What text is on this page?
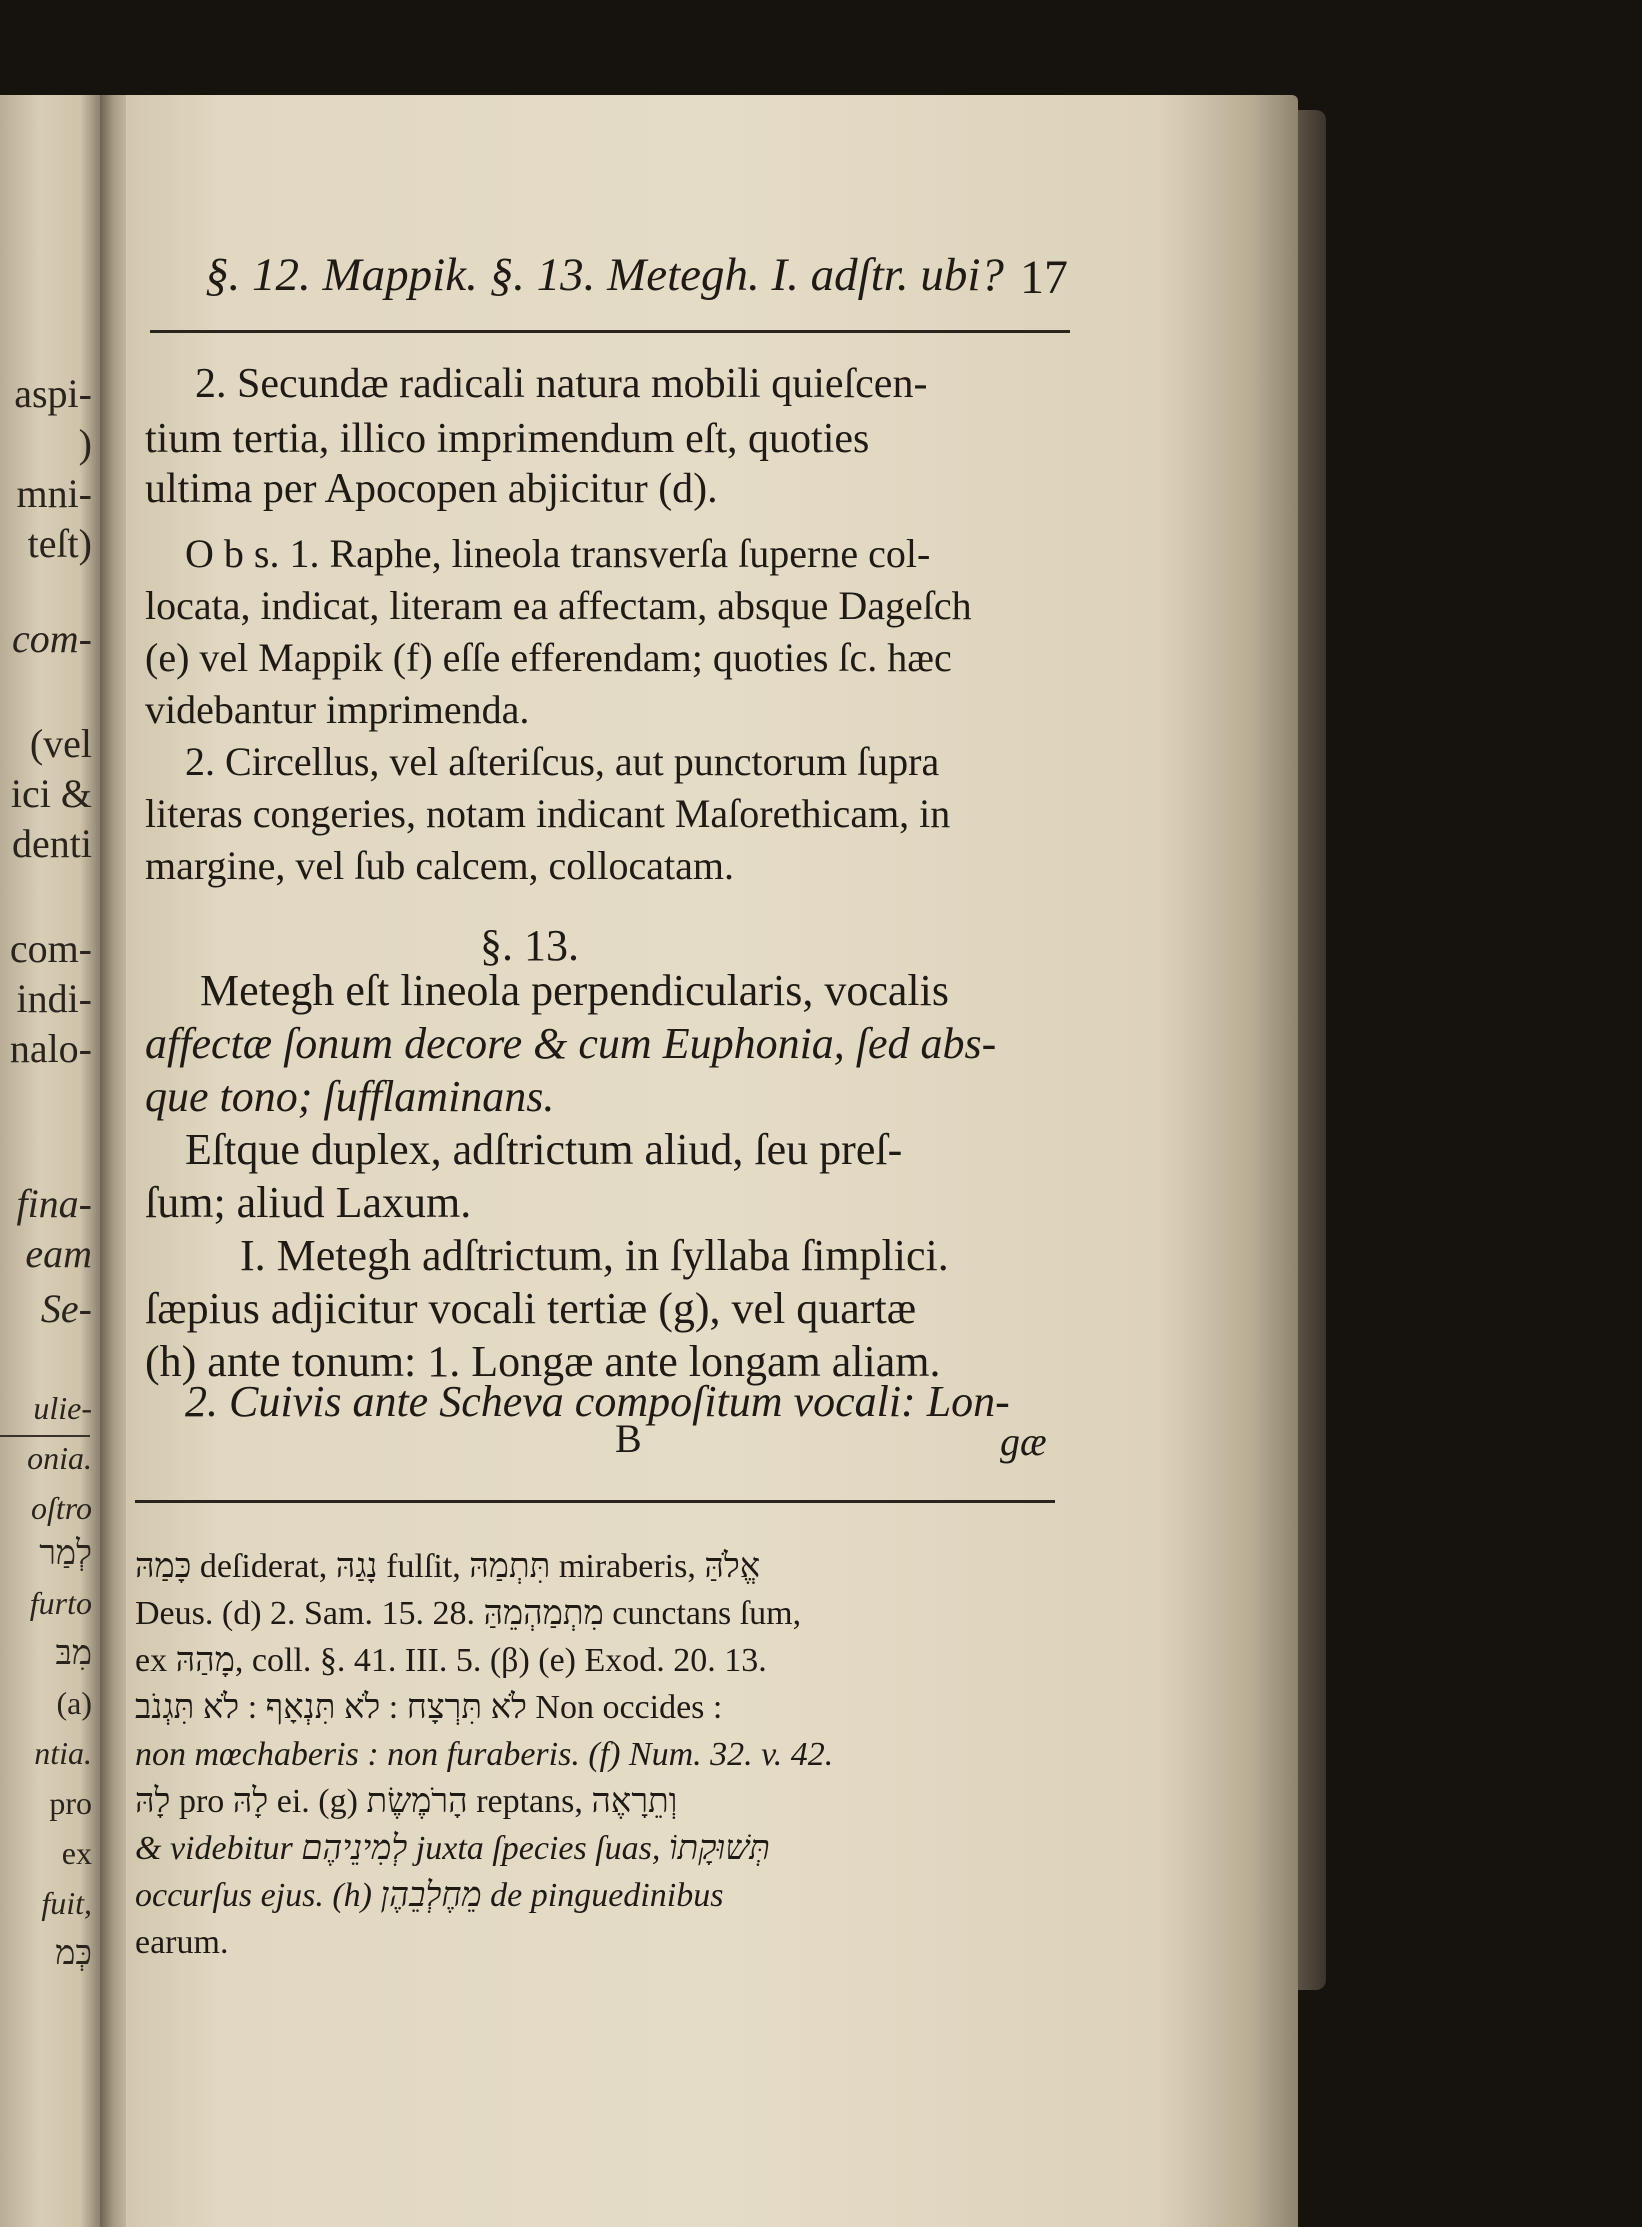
aspi-
)
mni-
teſt)
com-
(vel
ici &
denti
com-
indi-
nalo-
fina-
eam
Se-
ulie-
onia.
oſtro
לְמַר
furto
מִבּ
(a)
ntia.
pro
ex
fuit,
כְּמ
§. 12. Mappik. §. 13. Metegh. I. adſtr. ubi? 17
2. Secundæ radicali natura mobili quieſcen-
tium tertia, illico imprimendum eſt, quoties
ultima per Apocopen abjicitur (d).
O b s. 1. Raphe, lineola transverſa ſuperne col-
locata, indicat, literam ea affectam, absque Dageſch
(e) vel Mappik (f) eſſe efferendam; quoties ſc. hæc
videbantur imprimenda.
2. Circellus, vel aſteriſcus, aut punctorum ſupra
literas congeries, notam indicant Maſorethicam, in
margine, vel ſub calcem, collocatam.
§. 13.
Metegh eſt lineola perpendicularis, vocalis
affectæ ſonum decore & cum Euphonia, ſed abs-
que tono; ſufflaminans.
Eſtque duplex, adſtrictum aliud, ſeu preſ-
ſum; aliud Laxum.
I. Metegh adſtrictum, in ſyllaba ſimplici.
ſæpius adjicitur vocali tertiæ (g), vel quartæ
(h) ante tonum: 1. Longæ ante longam aliam.
2. Cuivis ante Scheva compoſitum vocali: Lon-
B	gæ
כָּמַהּ deſiderat, נָגַהּ fulſit, תִּתְמַהּ miraberis, אֱלֹהַּ
Deus. (d) 2. Sam. 15. 28. מִתְמַהְמֵהַּ cunctans ſum,
ex מָהַהּ, coll. §. 41. III. 5. (β) (e) Exod. 20. 13.
לֹא תִּרְצָח : לֹא תִּנְאָף : לֹא תִּגְנֹב Non occides :
non mœchaberis : non furaberis. (f) Num. 32. v. 42.
לָהּ pro לָהּ ei. (g) הָרֹמֶשֶׂת reptans, וְתֵרָאֶה
& videbitur לְמִינֵיהֶם juxta ſpecies ſuas, תְּשׁוּקָתוֹ
occurſus ejus. (h) מֵחֶלְבֵהֶן de pinguedinibus
earum.
